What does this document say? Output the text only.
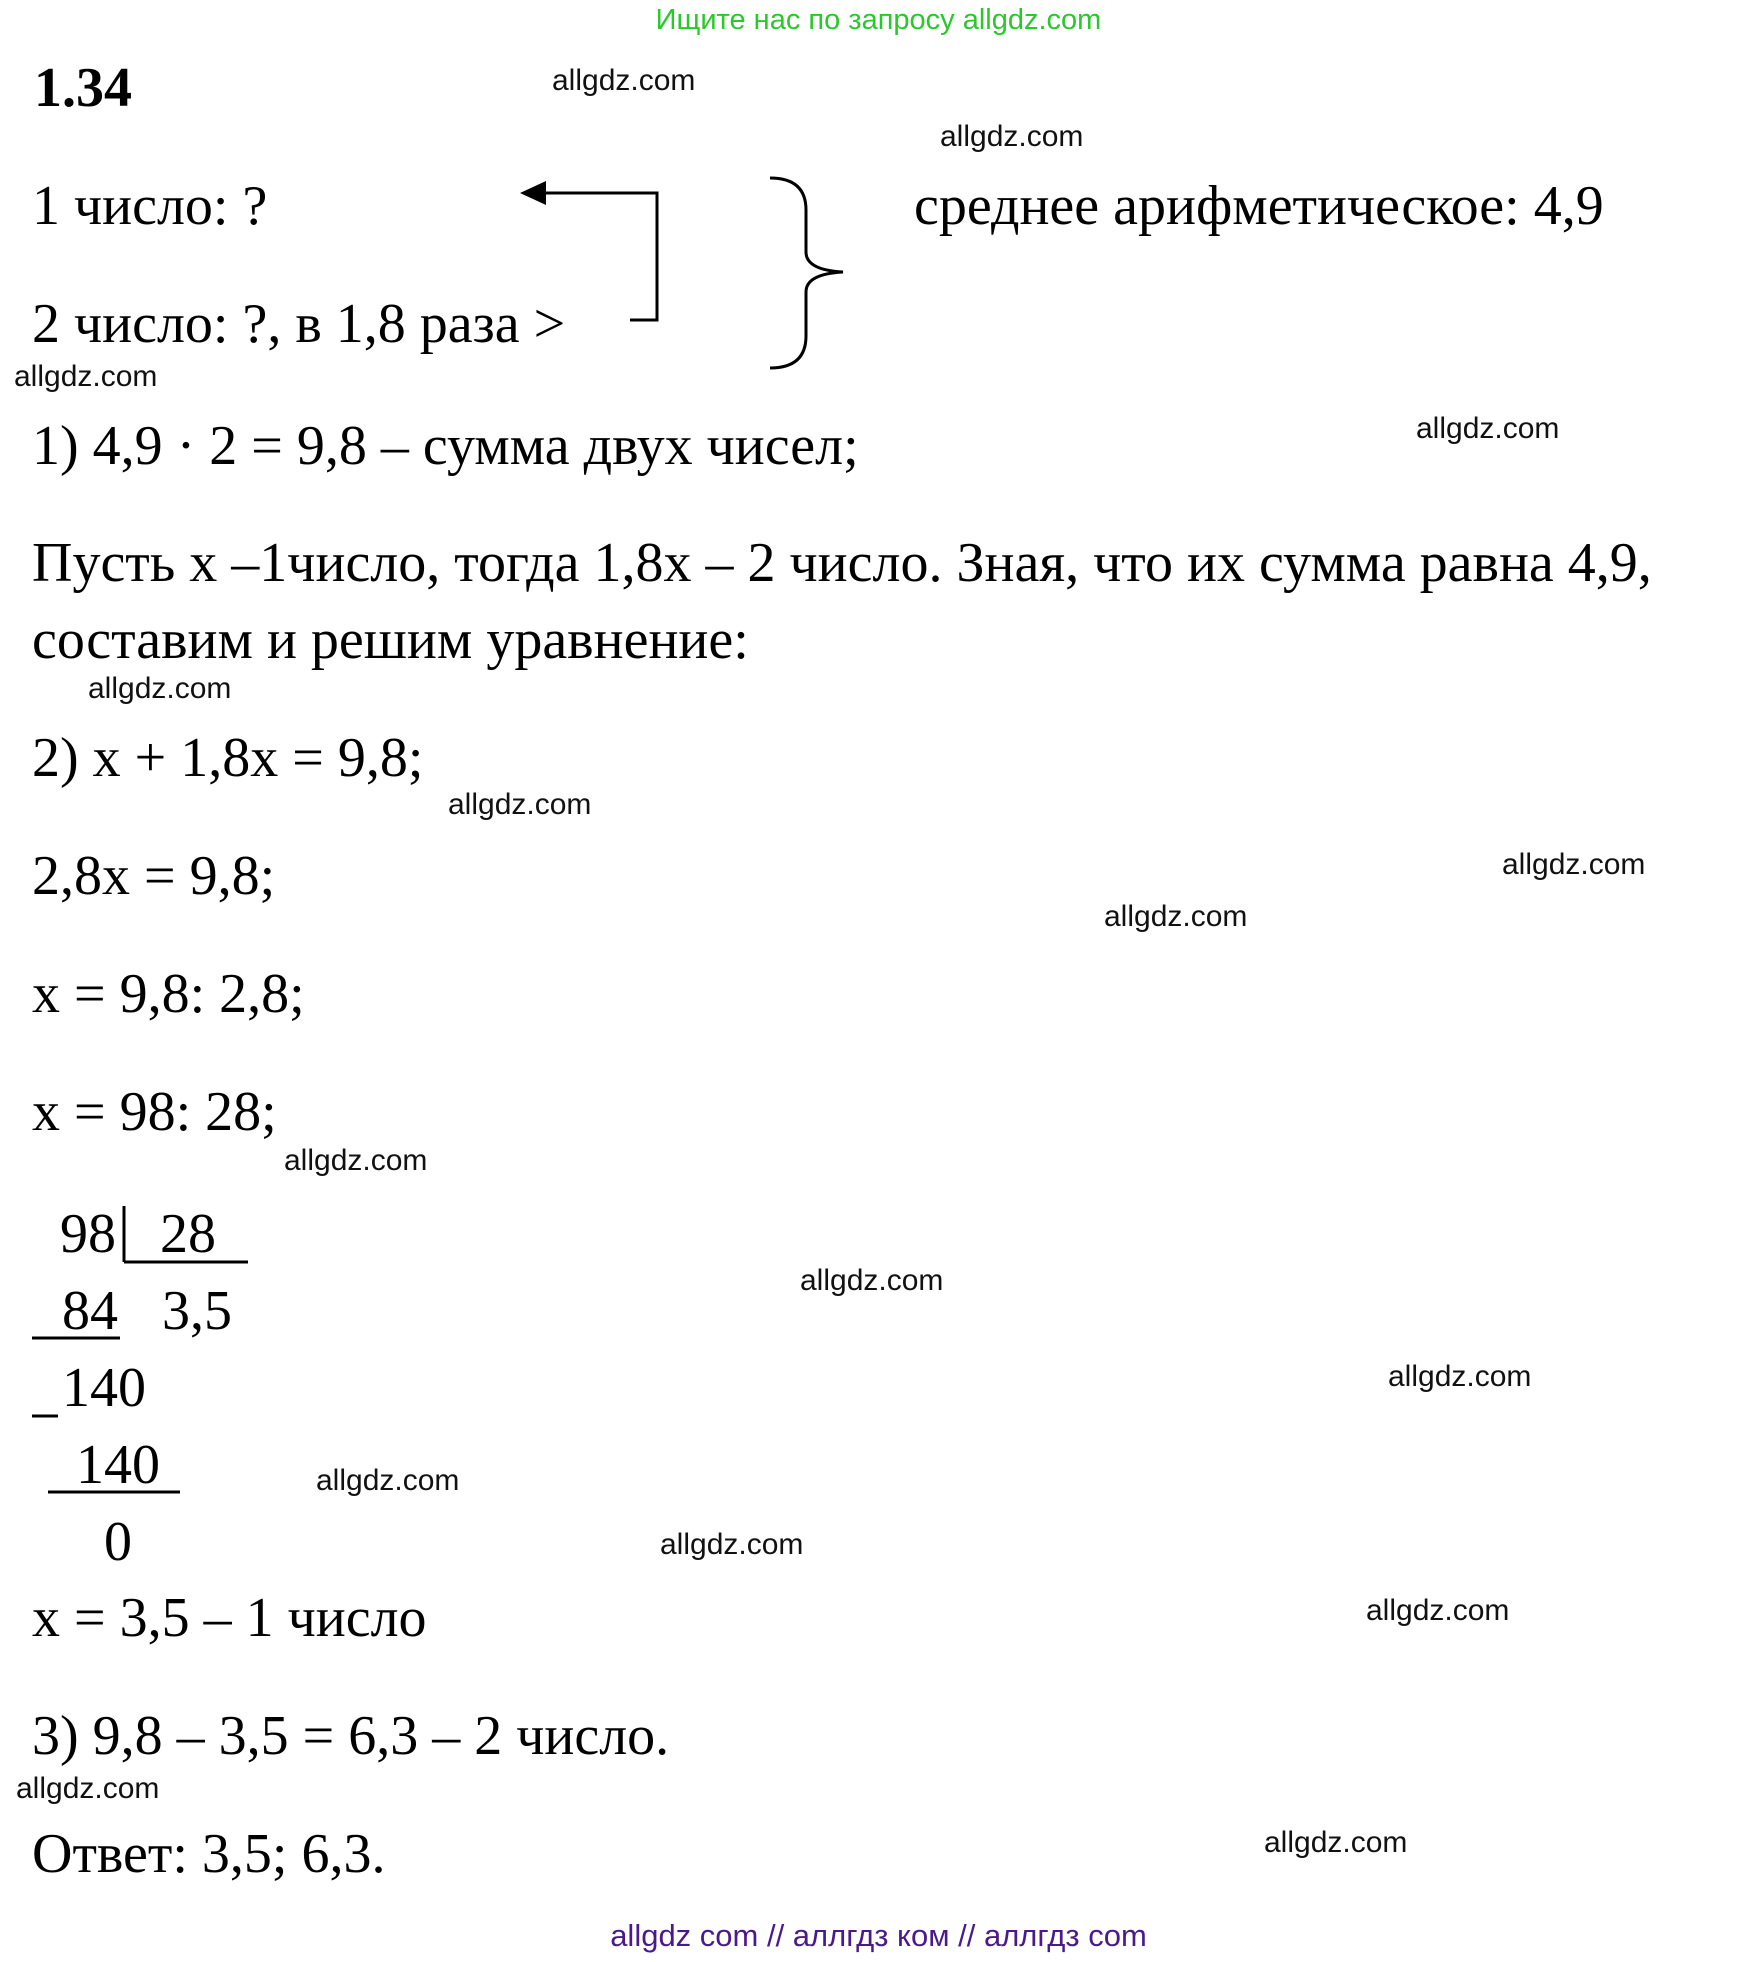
Ищите нас по запросу allgdz.com
1.34
1 число: ?
2 число: ?, в 1,8 раза >
среднее арифметическое: 4,9
1) 4,9 · 2 = 9,8 – сумма двух чисел;
Пусть х –1число, тогда 1,8х – 2 число. Зная, что их сумма равна 4,9,
составим и решим уравнение:
2) х + 1,8х = 9,8;
2,8х = 9,8;
х = 9,8: 2,8;
х = 98: 28;
98 28
84 3,5
140
140
0
х = 3,5 – 1 число
3) 9,8 – 3,5 = 6,3 – 2 число.
Ответ: 3,5; 6,3.
allgdz.com
allgdz.com
allgdz.com
allgdz.com
allgdz.com
allgdz.com
allgdz.com
allgdz.com
allgdz.com
allgdz.com
allgdz.com
allgdz.com
allgdz.com
allgdz.com
allgdz.com
allgdz.com
allgdz com // аллгдз ком // аллгдз com
